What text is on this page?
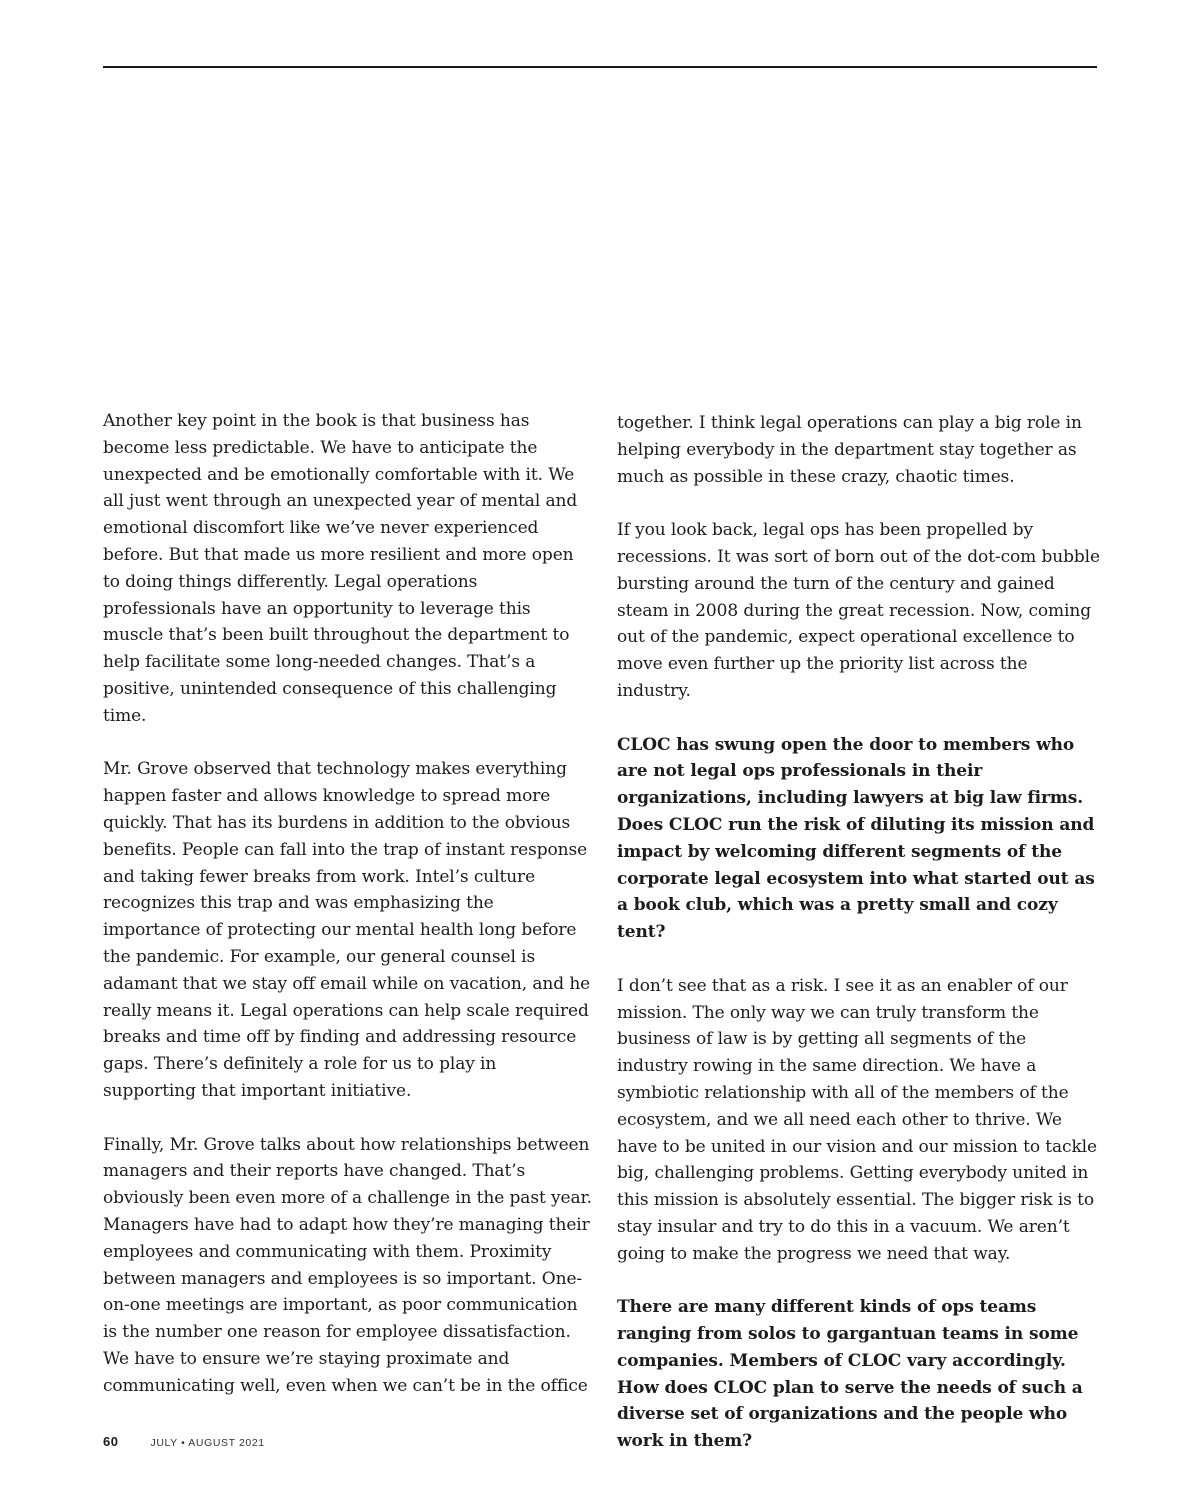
Another key point in the book is that business has become less predictable. We have to anticipate the unexpected and be emotionally comfortable with it. We all just went through an unexpected year of mental and emotional discomfort like we’ve never experienced before. But that made us more resilient and more open to doing things differently. Legal operations professionals have an opportunity to leverage this muscle that’s been built throughout the department to help facilitate some long-needed changes. That’s a positive, unintended consequence of this challenging time.

Mr. Grove observed that technology makes everything happen faster and allows knowledge to spread more quickly. That has its burdens in addition to the obvious benefits. People can fall into the trap of instant response and taking fewer breaks from work. Intel’s culture recognizes this trap and was emphasizing the importance of protecting our mental health long before the pandemic. For example, our general counsel is adamant that we stay off email while on vacation, and he really means it. Legal operations can help scale required breaks and time off by finding and addressing resource gaps. There’s definitely a role for us to play in supporting that important initiative.

Finally, Mr. Grove talks about how relationships between managers and their reports have changed. That’s obviously been even more of a challenge in the past year. Managers have had to adapt how they’re managing their employees and communicating with them. Proximity between managers and employees is so important. One-on-one meetings are important, as poor communication is the number one reason for employee dissatisfaction. We have to ensure we’re staying proximate and communicating well, even when we can’t be in the office

together. I think legal operations can play a big role in helping everybody in the department stay together as much as possible in these crazy, chaotic times.

If you look back, legal ops has been propelled by recessions. It was sort of born out of the dot-com bubble bursting around the turn of the century and gained steam in 2008 during the great recession. Now, coming out of the pandemic, expect operational excellence to move even further up the priority list across the industry.

CLOC has swung open the door to members who are not legal ops professionals in their organizations, including lawyers at big law firms. Does CLOC run the risk of diluting its mission and impact by welcoming different segments of the corporate legal ecosystem into what started out as a book club, which was a pretty small and cozy tent?

I don’t see that as a risk. I see it as an enabler of our mission. The only way we can truly transform the business of law is by getting all segments of the industry rowing in the same direction. We have a symbiotic relationship with all of the members of the ecosystem, and we all need each other to thrive. We have to be united in our vision and our mission to tackle big, challenging problems. Getting everybody united in this mission is absolutely essential. The bigger risk is to stay insular and try to do this in a vacuum. We aren’t going to make the progress we need that way.

There are many different kinds of ops teams ranging from solos to gargantuan teams in some companies. Members of CLOC vary accordingly. How does CLOC plan to serve the needs of such a diverse set of organizations and the people who work in them?

60	JULY • AUGUST 2021
